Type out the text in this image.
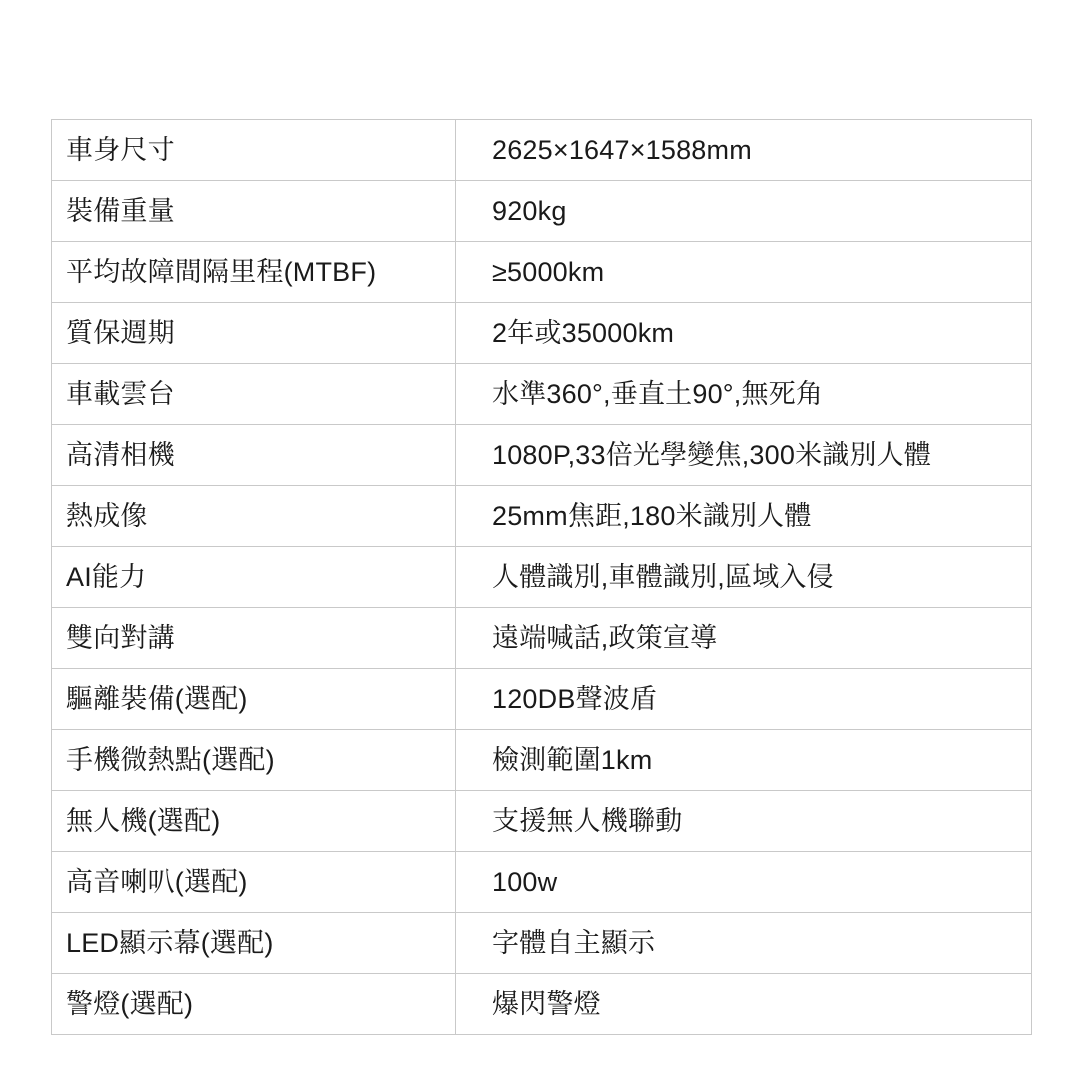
車身尺寸	2625×1647×1588mm
裝備重量	920kg
平均故障間隔里程(MTBF)	≥5000km
質保週期	2年或35000km
車載雲台	水準360°,垂直土90°,無死角
高清相機	1080P,33倍光學變焦,300米識別人體
熱成像	25mm焦距,180米識別人體
AI能力	人體識別,車體識別,區域入侵
雙向對講	遠端喊話,政策宣導
驅離裝備(選配)	120DB聲波盾
手機微熱點(選配)	檢測範圍1km
無人機(選配)	支援無人機聯動
高音喇叭(選配)	100w
LED顯示幕(選配)	字體自主顯示
警燈(選配)	爆閃警燈
